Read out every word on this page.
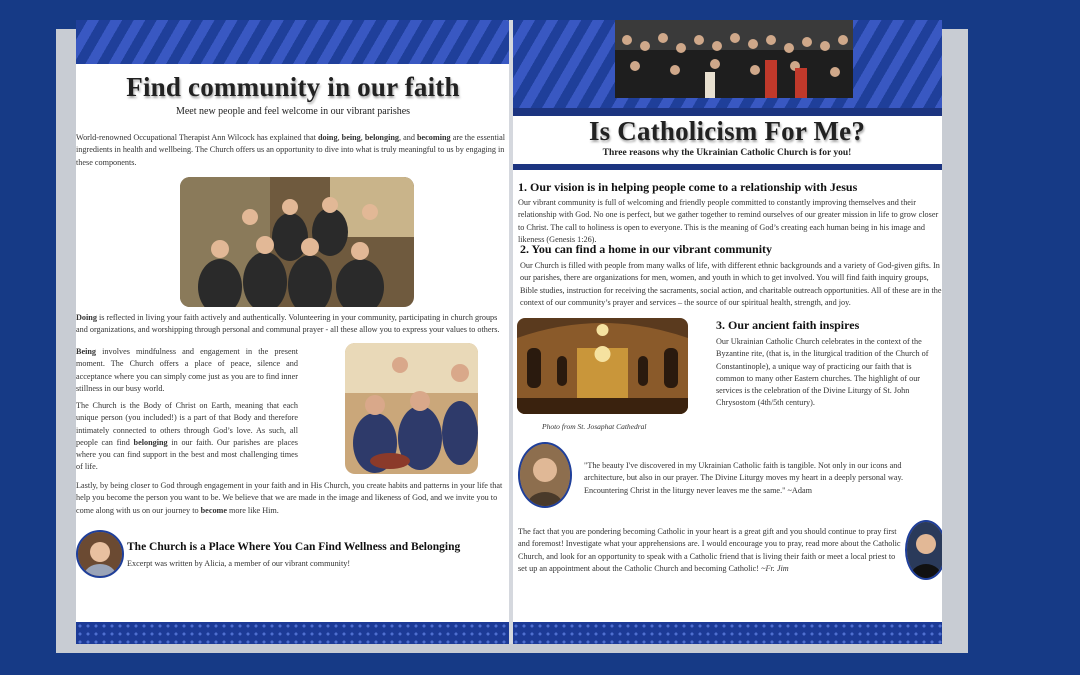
Find community in our faith
Meet new people and feel welcome in our vibrant parishes
World-renowned Occupational Therapist Ann Wilcock has explained that doing, being, belonging, and becoming are the essential ingredients in health and wellbeing. The Church offers us an opportunity to dive into what is truly meaningful to us by engaging in these components.
Doing is reflected in living your faith actively and authentically. Volunteering in your community, participating in church groups and organizations, and worshipping through personal and communal prayer - all these allow you to express your values to others.
Being involves mindfulness and engagement in the present moment. The Church offers a place of peace, silence and acceptance where you can simply come just as you are to find inner stillness in our busy world.
The Church is the Body of Christ on Earth, meaning that each unique person (you included!) is a part of that Body and therefore intimately connected to others through God’s love. As such, all people can find belonging in our faith. Our parishes are places where you can find support in the best and most challenging times of life.
Lastly, by being closer to God through engagement in your faith and in His Church, you create habits and patterns in your life that help you become the person you want to be. We believe that we are made in the image and likeness of God, and we invite you to come along with us on our journey to become more like Him.
The Church is a Place Where You Can Find Wellness and Belonging
Excerpt was written by Alicia, a member of our vibrant community!
Is Catholicism For Me?
Three reasons why the Ukrainian Catholic Church is for you!
1. Our vision is in helping people come to a relationship with Jesus
Our vibrant community is full of welcoming and friendly people committed to constantly improving themselves and their relationship with God. No one is perfect, but we gather together to remind ourselves of our greater mission in life to grow closer to Christ. The call to holiness is open to everyone. This is the meaning of God’s creating each human being in his image and likeness (Genesis 1:26).
2. You can find a home in our vibrant community
Our Church is filled with people from many walks of life, with different ethnic backgrounds and a variety of God-given gifts. In our parishes, there are organizations for men, women, and youth in which to get involved. You will find faith inquiry groups, Bible studies, instruction for receiving the sacraments, social action, and charitable outreach opportunities. All of these are in the context of our community’s prayer and services – the source of our spiritual health, strength, and joy.
Photo from St. Josaphat Cathedral
3. Our ancient faith inspires
Our Ukrainian Catholic Church celebrates in the context of the Byzantine rite, (that is, in the liturgical tradition of the Church of Constantinople), a unique way of practicing our faith that is common to many other Eastern churches. The highlight of our services is the celebration of the Divine Liturgy of St. John Chrysostom (4th/5th century).
"The beauty I've discovered in my Ukrainian Catholic faith is tangible. Not only in our icons and architecture, but also in our prayer. The Divine Liturgy moves my heart in a deeply personal way. Encountering Christ in the liturgy never leaves me the same." ~Adam
The fact that you are pondering becoming Catholic in your heart is a great gift and you should continue to pray first and foremost! Investigate what your apprehensions are. I would encourage you to pray, read more about the Catholic Church, and look for an opportunity to speak with a Catholic friend that is living their faith or meet a local priest to set up an appointment about the Catholic Church and becoming Catholic! ~Fr. Jim
